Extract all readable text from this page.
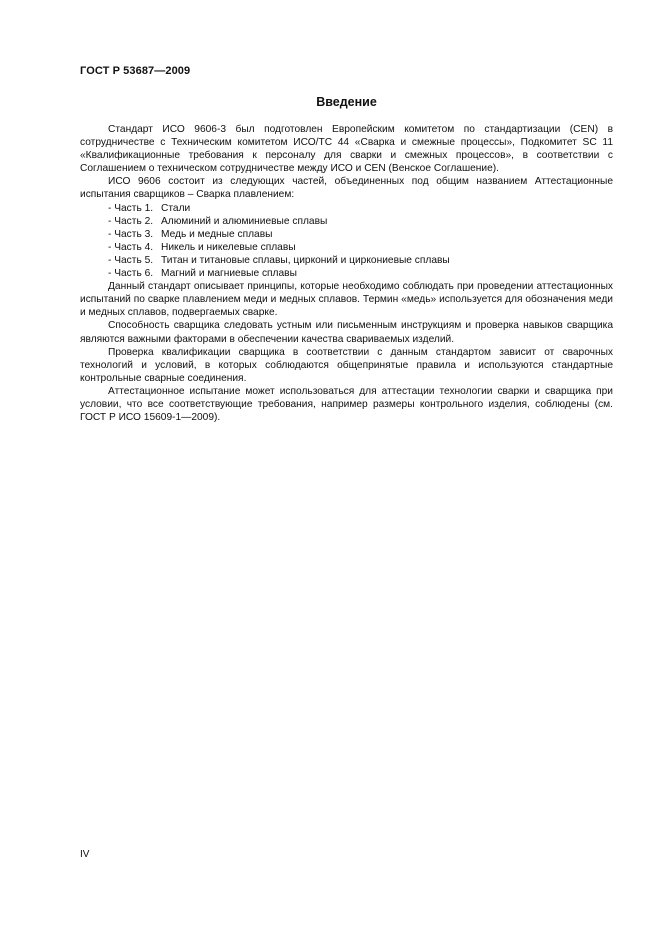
ГОСТ Р 53687—2009
Введение

Стандарт ИСО 9606-3 был подготовлен Европейским комитетом по стандартизации (CEN) в сотрудничестве с Техническим комитетом ИСО/ТС 44 «Сварка и смежные процессы», Подкомитет SC 11 «Квалификационные требования к персоналу для сварки и смежных процессов», в соответствии с Соглашением о техническом сотрудничестве между ИСО и CEN (Венское Соглашение).

ИСО 9606 состоит из следующих частей, объединенных под общим названием Аттестационные испытания сварщиков – Сварка плавлением:

- Часть 1. Стали
- Часть 2. Алюминий и алюминиевые сплавы
- Часть 3. Медь и медные сплавы
- Часть 4. Никель и никелевые сплавы
- Часть 5. Титан и титановые сплавы, цирконий и циркониевые сплавы
- Часть 6. Магний и магниевые сплавы

Данный стандарт описывает принципы, которые необходимо соблюдать при проведении аттестационных испытаний по сварке плавлением меди и медных сплавов. Термин «медь» используется для обозначения меди и медных сплавов, подвергаемых сварке.

Способность сварщика следовать устным или письменным инструкциям и проверка навыков сварщика являются важными факторами в обеспечении качества свариваемых изделий.

Проверка квалификации сварщика в соответствии с данным стандартом зависит от сварочных технологий и условий, в которых соблюдаются общепринятые правила и используются стандартные контрольные сварные соединения.

Аттестационное испытание может использоваться для аттестации технологии сварки и сварщика при условии, что все соответствующие требования, например размеры контрольного изделия, соблюдены (см. ГОСТ Р ИСО 15609-1—2009).

IV
